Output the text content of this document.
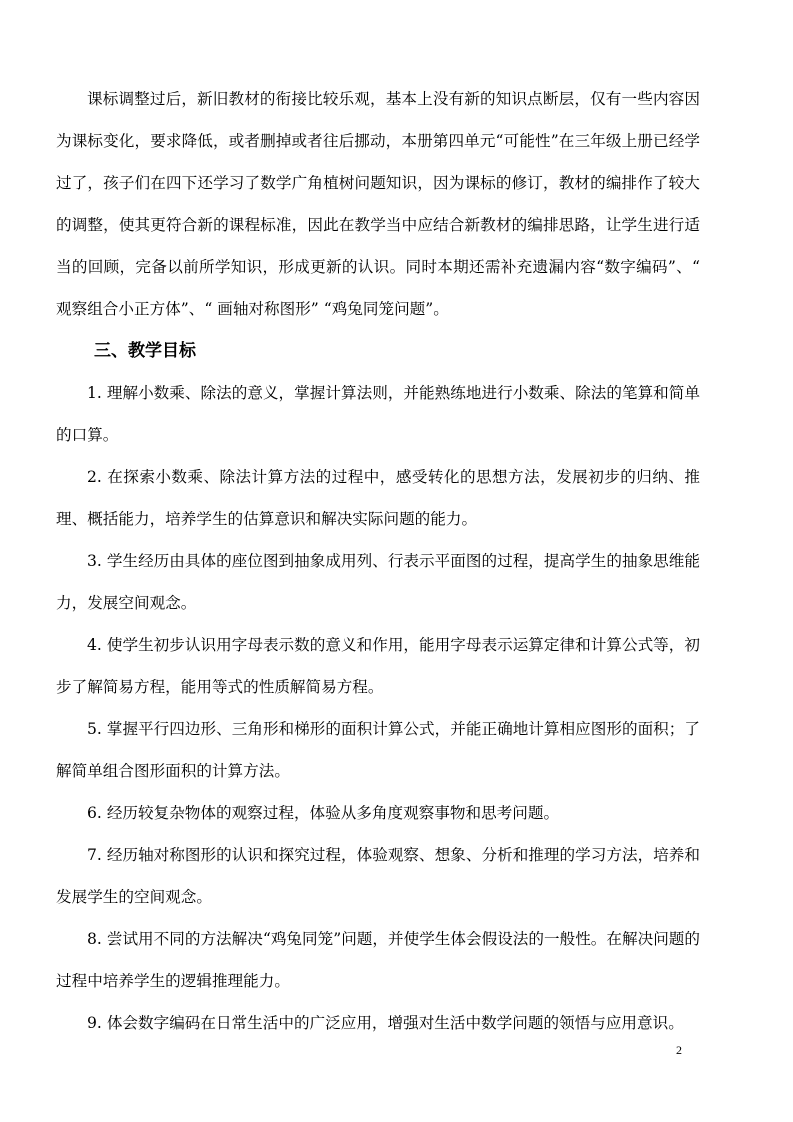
课标调整过后，新旧教材的衔接比较乐观，基本上没有新的知识点断层，仅有一些内容因为课标变化，要求降低，或者删掉或者往后挪动，本册第四单元“可能性”在三年级上册已经学过了，孩子们在四下还学习了数学广角植树问题知识，因为课标的修订，教材的编排作了较大的调整，使其更符合新的课程标准，因此在教学当中应结合新教材的编排思路，让学生进行适当的回顾，完备以前所学知识，形成更新的认识。同时本期还需补充遗漏内容“数字编码”、“ 观察组合小正方体”、“ 画轴对称图形” “鸡兔同笼问题”。

三、教学目标

1. 理解小数乘、除法的意义，掌握计算法则，并能熟练地进行小数乘、除法的笔算和简单的口算。

2. 在探索小数乘、除法计算方法的过程中，感受转化的思想方法，发展初步的归纳、推理、概括能力，培养学生的估算意识和解决实际问题的能力。

3. 学生经历由具体的座位图到抽象成用列、行表示平面图的过程，提高学生的抽象思维能力，发展空间观念。

4. 使学生初步认识用字母表示数的意义和作用，能用字母表示运算定律和计算公式等，初步了解简易方程，能用等式的性质解简易方程。

5. 掌握平行四边形、三角形和梯形的面积计算公式，并能正确地计算相应图形的面积；了解简单组合图形面积的计算方法。

6. 经历较复杂物体的观察过程，体验从多角度观察事物和思考问题。

7. 经历轴对称图形的认识和探究过程，体验观察、想象、分析和推理的学习方法，培养和发展学生的空间观念。

8. 尝试用不同的方法解决“鸡兔同笼”问题，并使学生体会假设法的一般性。在解决问题的过程中培养学生的逻辑推理能力。

9. 体会数字编码在日常生活中的广泛应用，增强对生活中数学问题的领悟与应用意识。

2
